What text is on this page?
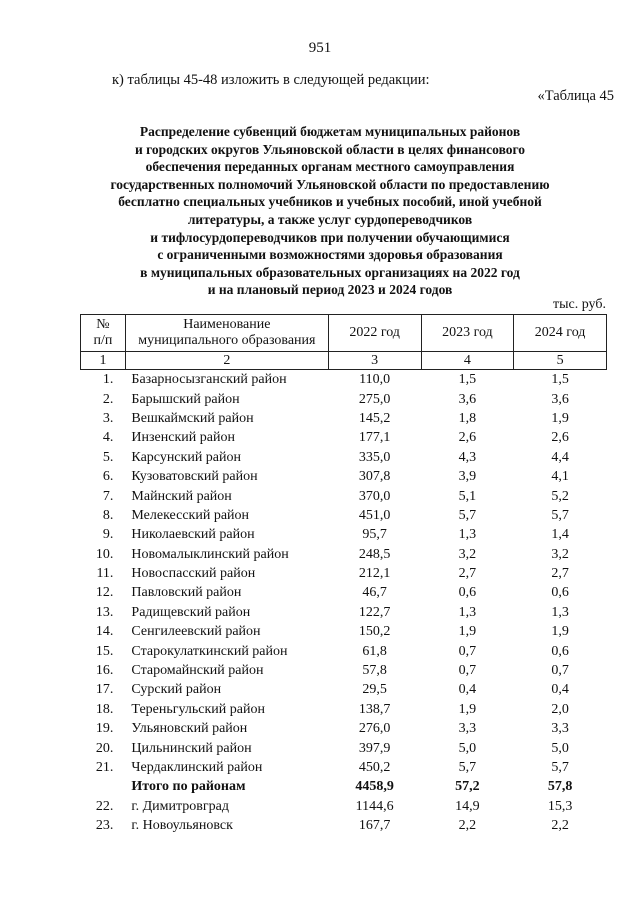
951
к) таблицы 45-48 изложить в следующей редакции:
«Таблица 45
Распределение субвенций бюджетам муниципальных районов
и городских округов Ульяновской области в целях финансового
обеспечения переданных органам местного самоуправления
государственных полномочий Ульяновской области по предоставлению
бесплатно специальных учебников и учебных пособий, иной учебной
литературы, а также услуг сурдопереводчиков
и тифлосурдопереводчиков при получении обучающимися
с ограниченными возможностями здоровья образования
в муниципальных образовательных организациях на 2022 год
и на плановый период 2023 и 2024 годов
тыс. руб.
№
п/п	Наименование
муниципального образования	2022 год	2023 год	2024 год
1	2	3	4	5
1.	Базарносызганский район	110,0	1,5	1,5
2.	Барышский район	275,0	3,6	3,6
3.	Вешкаймский район	145,2	1,8	1,9
4.	Инзенский район	177,1	2,6	2,6
5.	Карсунский район	335,0	4,3	4,4
6.	Кузоватовский район	307,8	3,9	4,1
7.	Майнский район	370,0	5,1	5,2
8.	Мелекесский район	451,0	5,7	5,7
9.	Николаевский район	95,7	1,3	1,4
10.	Новомалыклинский район	248,5	3,2	3,2
11.	Новоспасский район	212,1	2,7	2,7
12.	Павловский район	46,7	0,6	0,6
13.	Радищевский район	122,7	1,3	1,3
14.	Сенгилеевский район	150,2	1,9	1,9
15.	Старокулаткинский район	61,8	0,7	0,6
16.	Старомайнский район	57,8	0,7	0,7
17.	Сурский район	29,5	0,4	0,4
18.	Тереньгульский район	138,7	1,9	2,0
19.	Ульяновский район	276,0	3,3	3,3
20.	Цильнинский район	397,9	5,0	5,0
21.	Чердаклинский район	450,2	5,7	5,7
	Итого по районам	4458,9	57,2	57,8
22.	г. Димитровград	1144,6	14,9	15,3
23.	г. Новоульяновск	167,7	2,2	2,2
